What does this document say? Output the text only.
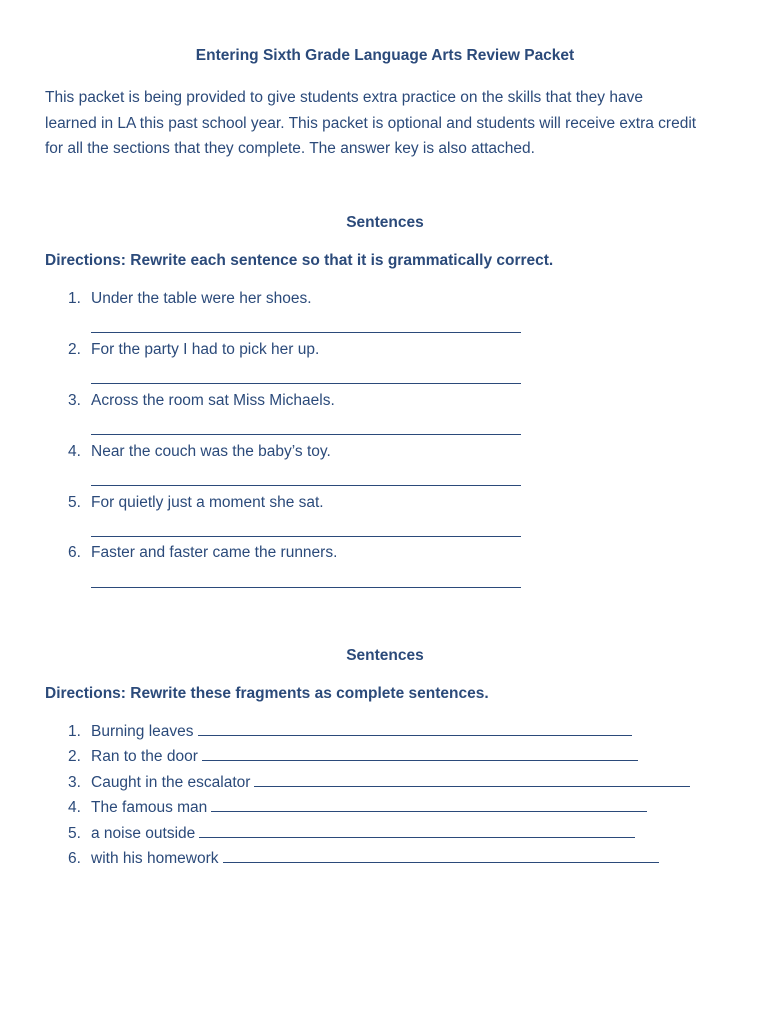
Entering Sixth Grade Language Arts Review Packet
This packet is being provided to give students extra practice on the skills that they have
learned in LA this past school year. This packet is optional and students will receive extra credit
for all the sections that they complete. The answer key is also attached.
Sentences
Directions: Rewrite each sentence so that it is grammatically correct.
1. Under the table were her shoes.
2. For the party I had to pick her up.
3. Across the room sat Miss Michaels.
4. Near the couch was the baby’s toy.
5. For quietly just a moment she sat.
6. Faster and faster came the runners.
Sentences
Directions: Rewrite these fragments as complete sentences.
1. Burning leaves
2. Ran to the door
3. Caught in the escalator
4. The famous man
5. a noise outside
6. with his homework
